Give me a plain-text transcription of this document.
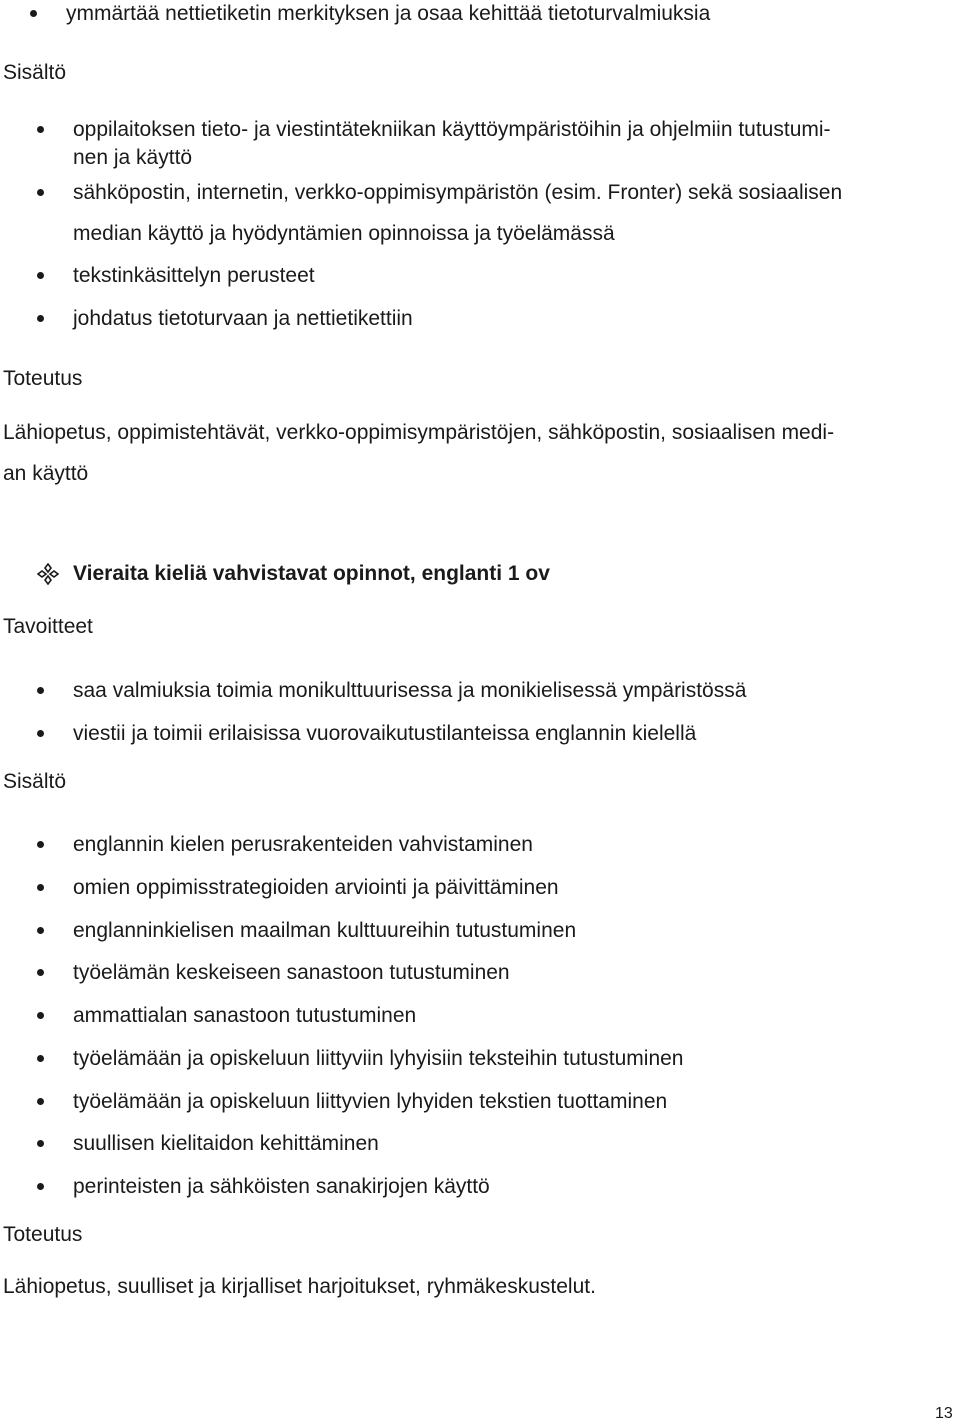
ymmärtää nettietiketin merkityksen ja osaa kehittää tietoturvalmiuksia
Sisältö
oppilaitoksen tieto- ja viestintätekniikan käyttöympäristöihin ja ohjelmiin tutustumi-
nen ja käyttö
sähköpostin, internetin, verkko-oppimisympäristön (esim. Fronter) sekä sosiaalisen
median käyttö ja hyödyntämien opinnoissa ja työelämässä
tekstinkäsittelyn perusteet
johdatus tietoturvaan ja nettietikettiin
Toteutus
Lähiopetus, oppimistehtävät, verkko-oppimisympäristöjen, sähköpostin, sosiaalisen medi-
an käyttö
Vieraita kieliä vahvistavat opinnot, englanti 1 ov
Tavoitteet
saa valmiuksia toimia monikulttuurisessa ja monikielisessä ympäristössä
viestii ja toimii erilaisissa vuorovaikutustilanteissa englannin kielellä
Sisältö
englannin kielen perusrakenteiden vahvistaminen
omien oppimisstrategioiden arviointi ja päivittäminen
englanninkielisen maailman kulttuureihin tutustuminen
työelämän keskeiseen sanastoon tutustuminen
ammattialan sanastoon tutustuminen
työelämään ja opiskeluun liittyviin lyhyisiin teksteihin tutustuminen
työelämään ja opiskeluun liittyvien lyhyiden tekstien tuottaminen
suullisen kielitaidon kehittäminen
perinteisten ja sähköisten sanakirjojen käyttö
Toteutus
Lähiopetus, suulliset ja kirjalliset harjoitukset, ryhmäkeskustelut.
13
